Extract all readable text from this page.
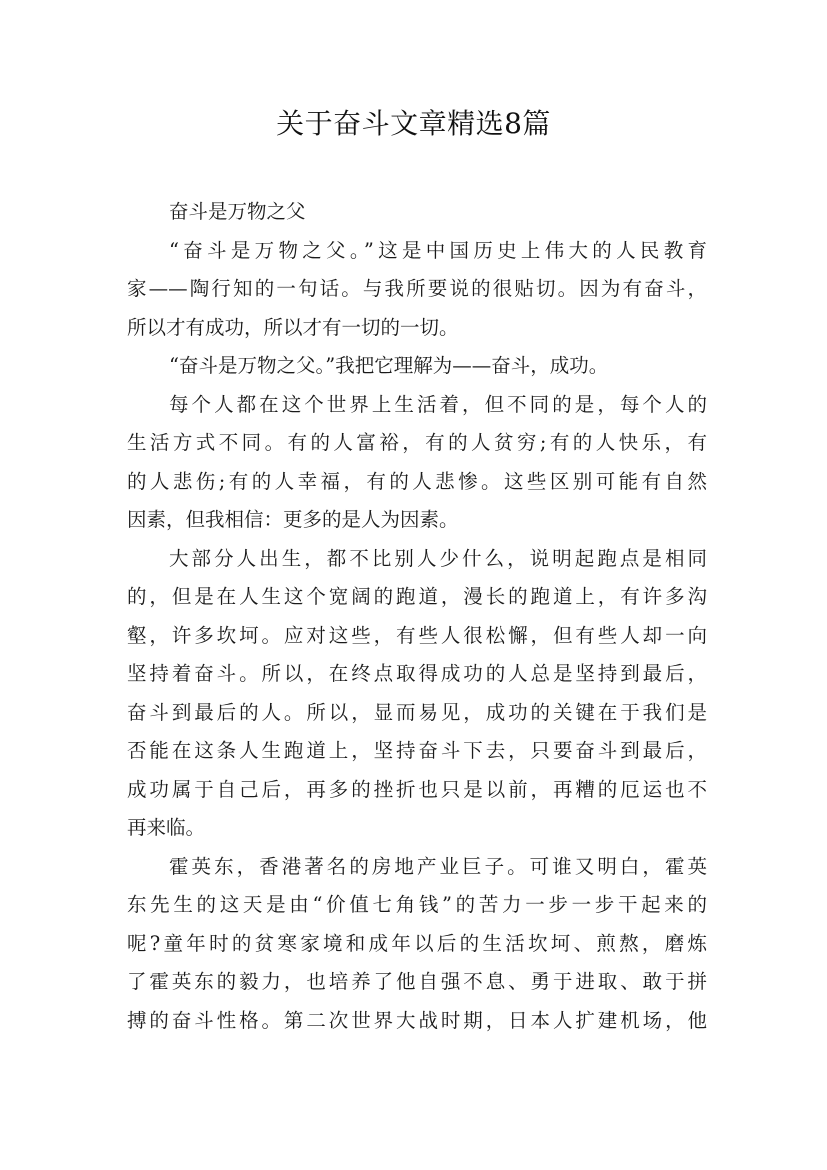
关于奋斗文章精选8篇
奋斗是万物之父
“奋斗是万物之父。”这是中国历史上伟大的人民教育
家——陶行知的一句话。与我所要说的很贴切。因为有奋斗，
所以才有成功，所以才有一切的一切。
“奋斗是万物之父。”我把它理解为——奋斗，成功。
每个人都在这个世界上生活着，但不同的是，每个人的
生活方式不同。有的人富裕，有的人贫穷;有的人快乐，有
的人悲伤;有的人幸福，有的人悲惨。这些区别可能有自然
因素，但我相信：更多的是人为因素。
大部分人出生，都不比别人少什么，说明起跑点是相同
的，但是在人生这个宽阔的跑道，漫长的跑道上，有许多沟
壑，许多坎坷。应对这些，有些人很松懈，但有些人却一向
坚持着奋斗。所以，在终点取得成功的人总是坚持到最后，
奋斗到最后的人。所以，显而易见，成功的关键在于我们是
否能在这条人生跑道上，坚持奋斗下去，只要奋斗到最后，
成功属于自己后，再多的挫折也只是以前，再糟的厄运也不
再来临。
霍英东，香港著名的房地产业巨子。可谁又明白，霍英
东先生的这天是由“价值七角钱”的苦力一步一步干起来的
呢?童年时的贫寒家境和成年以后的生活坎坷、煎熬，磨炼
了霍英东的毅力，也培养了他自强不息、勇于进取、敢于拼
搏的奋斗性格。第二次世界大战时期，日本人扩建机场，他
